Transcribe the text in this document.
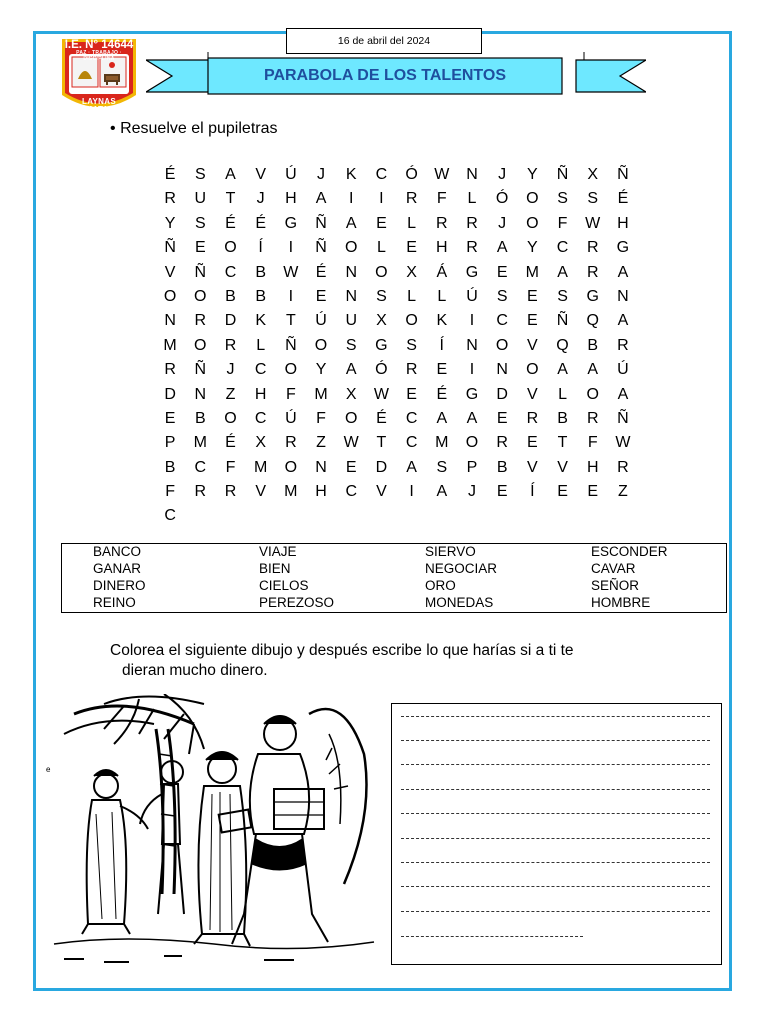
I.E. N° 14644
PAZ · TRABAJO · DISCIPLINA
LAYNAS
LA MATANZA
16 de abril del 2024
PARABOLA DE LOS TALENTOS
• Resuelve el pupiletras
É	S	A	V	Ú	J	K	C	Ó	W	N	J	Y	Ñ	X	Ñ
R	U	T	J	H	A	I	I	R	F	L	Ó	O	S	S	É
Y	S	É	É	G	Ñ	A	E	L	R	R	J	O	F	W	H
Ñ	E	O	Í	I	Ñ	O	L	E	H	R	A	Y	C	R	G
V	Ñ	C	B	W	É	N	O	X	Á	G	E	M	A	R	A
O	O	B	B	I	E	N	S	L	L	Ú	S	E	S	G	N
N	R	D	K	T	Ú	U	X	O	K	I	C	E	Ñ	Q	A
M	O	R	L	Ñ	O	S	G	S	Í	N	O	V	Q	B	R
R	Ñ	J	C	O	Y	A	Ó	R	E	I	N	O	A	A	Ú
D	N	Z	H	F	M	X	W	E	É	G	D	V	L	O	A
E	B	O	C	Ú	F	O	É	C	A	A	E	R	B	R	Ñ
P	M	É	X	R	Z	W	T	C	M	O	R	E	T	F	W
B	C	F	M	O	N	E	D	A	S	P	B	V	V	H	R
F	R	R	V	M	H	C	V	I	A	J	E	Í	E	E	Z
C
BANCO	VIAJE	SIERVO	ESCONDER
GANAR	BIEN	NEGOCIAR	CAVAR
DINERO	CIELOS	ORO	SEÑOR
REINO	PEREZOSO	MONEDAS	HOMBRE
Colorea el siguiente dibujo y después escribe lo que harías si a ti te
dieran mucho dinero.
e
